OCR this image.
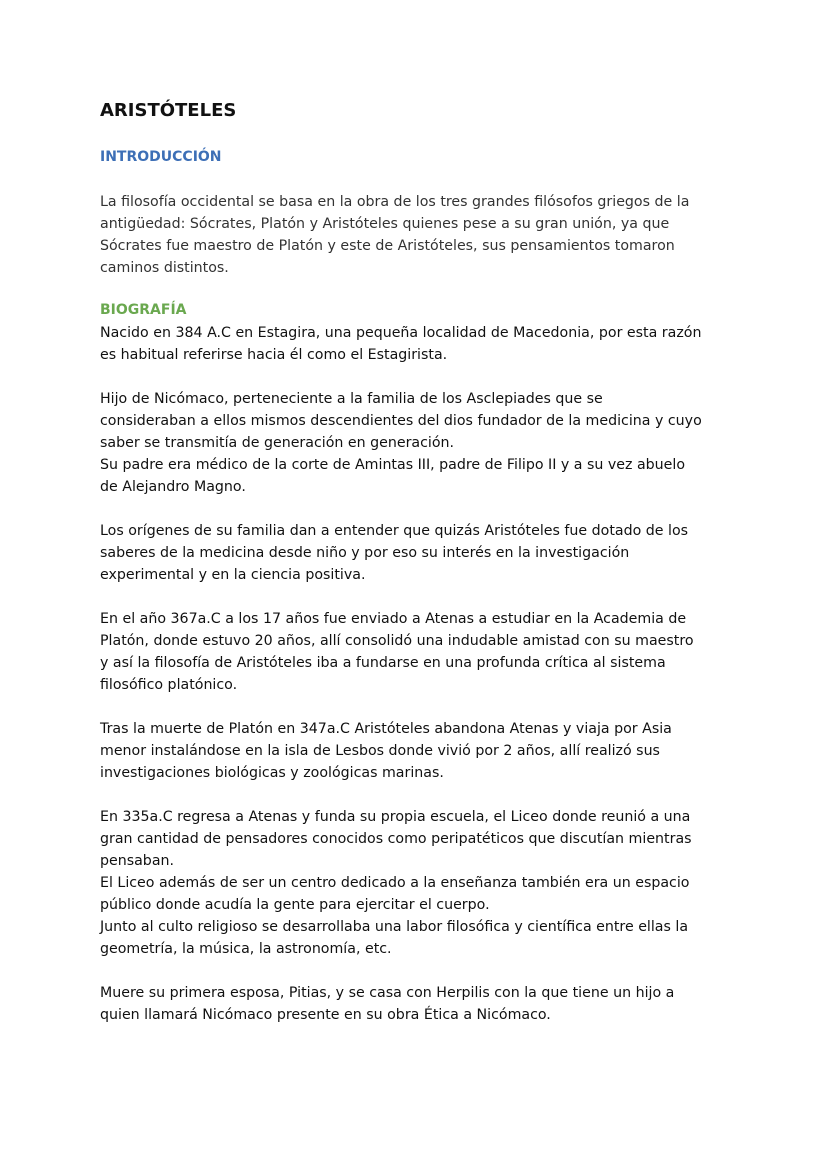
ARISTÓTELES
INTRODUCCIÓN

La filosofía occidental se basa en la obra de los tres grandes filósofos griegos de la
antigüedad: Sócrates, Platón y Aristóteles quienes pese a su gran unión, ya que
Sócrates fue maestro de Platón y este de Aristóteles, sus pensamientos tomaron
caminos distintos.

BIOGRAFÍA

Nacido en 384 A.C en Estagira, una pequeña localidad de Macedonia, por esta razón
es habitual referirse hacia él como el Estagirista.

Hijo de Nicómaco, perteneciente a la familia de los Asclepiades que se
consideraban a ellos mismos descendientes del dios fundador de la medicina y cuyo
saber se transmitía de generación en generación.
Su padre era médico de la corte de Amintas III, padre de Filipo II y a su vez abuelo
de Alejandro Magno.

Los orígenes de su familia dan a entender que quizás Aristóteles fue dotado de los
saberes de la medicina desde niño y por eso su interés en la investigación
experimental y en la ciencia positiva.

En el año 367a.C a los 17 años fue enviado a Atenas a estudiar en la Academia de
Platón, donde estuvo 20 años, allí consolidó una indudable amistad con su maestro
y así la filosofía de Aristóteles iba a fundarse en una profunda crítica al sistema
filosófico platónico.

Tras la muerte de Platón en 347a.C Aristóteles abandona Atenas y viaja por Asia
menor instalándose en la isla de Lesbos donde vivió por 2 años, allí realizó sus
investigaciones biológicas y zoológicas marinas.

En 335a.C regresa a Atenas y funda su propia escuela, el Liceo donde reunió a una
gran cantidad de pensadores conocidos como peripatéticos que discutían mientras
pensaban.
El Liceo además de ser un centro dedicado a la enseñanza también era un espacio
público donde acudía la gente para ejercitar el cuerpo.
Junto al culto religioso se desarrollaba una labor filosófica y científica entre ellas la
geometría, la música, la astronomía, etc.

Muere su primera esposa, Pitias, y se casa con Herpilis con la que tiene un hijo a
quien llamará Nicómaco presente en su obra Ética a Nicómaco.
